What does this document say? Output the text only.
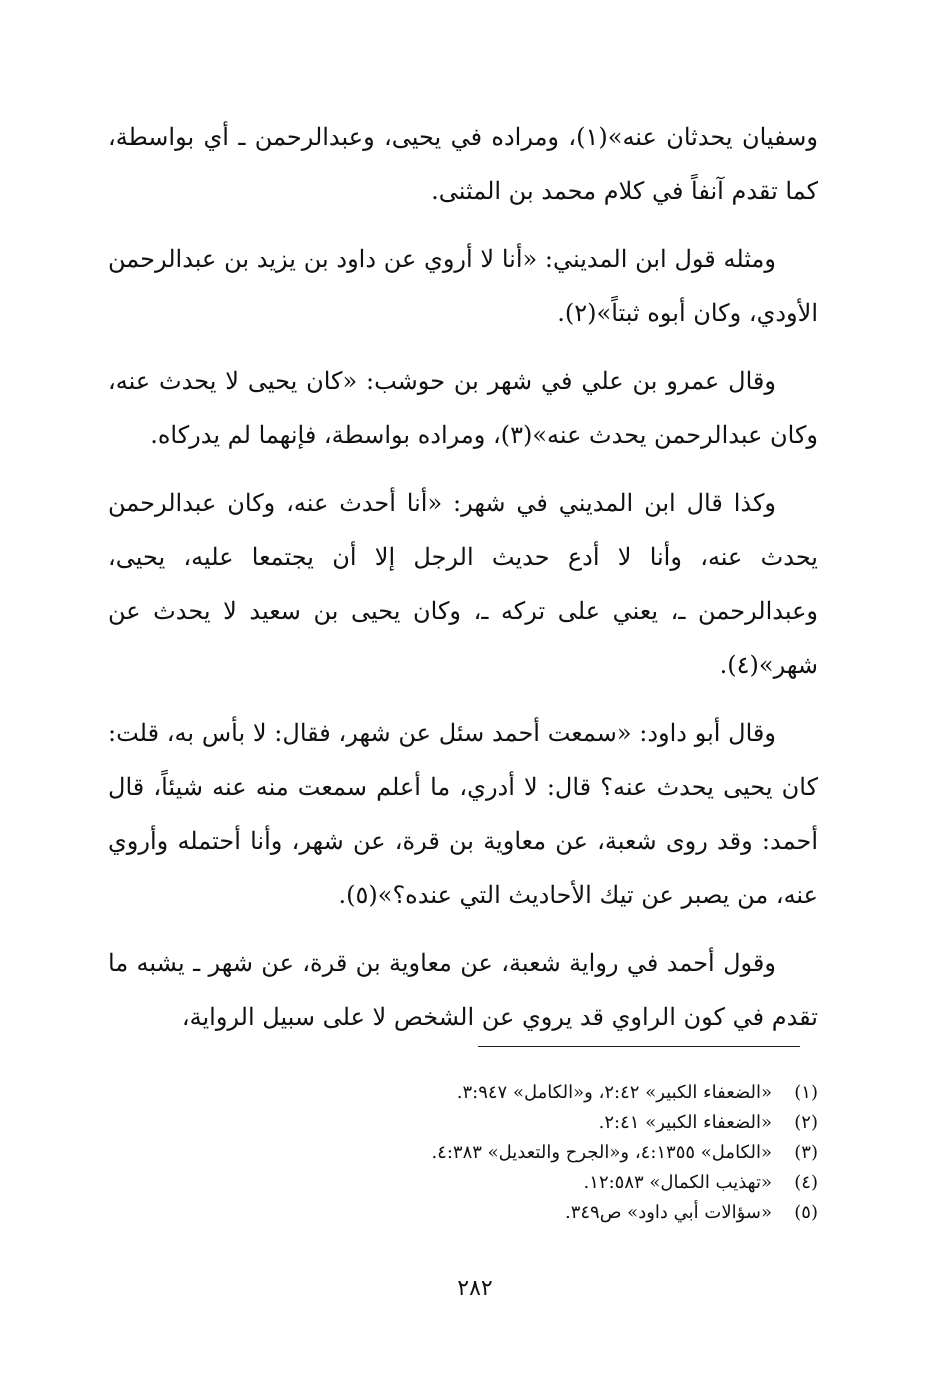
وسفيان يحدثان عنه»(١)، ومراده في يحيى، وعبدالرحمن ـ أي بواسطة، كما تقدم آنفاً في كلام محمد بن المثنى.

ومثله قول ابن المديني: «أنا لا أروي عن داود بن يزيد بن عبدالرحمن الأودي، وكان أبوه ثبتاً»(٢).

وقال عمرو بن علي في شهر بن حوشب: «كان يحيى لا يحدث عنه، وكان عبدالرحمن يحدث عنه»(٣)، ومراده بواسطة، فإنهما لم يدركاه.

وكذا قال ابن المديني في شهر: «أنا أحدث عنه، وكان عبدالرحمن يحدث عنه، وأنا لا أدع حديث الرجل إلا أن يجتمعا عليه، يحيى، وعبدالرحمن ـ، يعني على تركه ـ، وكان يحيى بن سعيد لا يحدث عن شهر»(٤).

وقال أبو داود: «سمعت أحمد سئل عن شهر، فقال: لا بأس به، قلت: كان يحيى يحدث عنه؟ قال: لا أدري، ما أعلم سمعت منه عنه شيئاً، قال أحمد: وقد روى شعبة، عن معاوية بن قرة، عن شهر، وأنا أحتمله وأروي عنه، من يصبر عن تيك الأحاديث التي عنده؟»(٥).

وقول أحمد في رواية شعبة، عن معاوية بن قرة، عن شهر ـ يشبه ما تقدم في كون الراوي قد يروي عن الشخص لا على سبيل الرواية،

(١)«الضعفاء الكبير» ٢:٤٢، و«الكامل» ٣:٩٤٧.
(٢)«الضعفاء الكبير» ٢:٤١.
(٣)«الكامل» ٤:١٣٥٥، و«الجرح والتعديل» ٤:٣٨٣.
(٤)«تهذيب الكمال» ١٢:٥٨٣.
(٥)«سؤالات أبي داود» ص٣٤٩.
٢٨٢
